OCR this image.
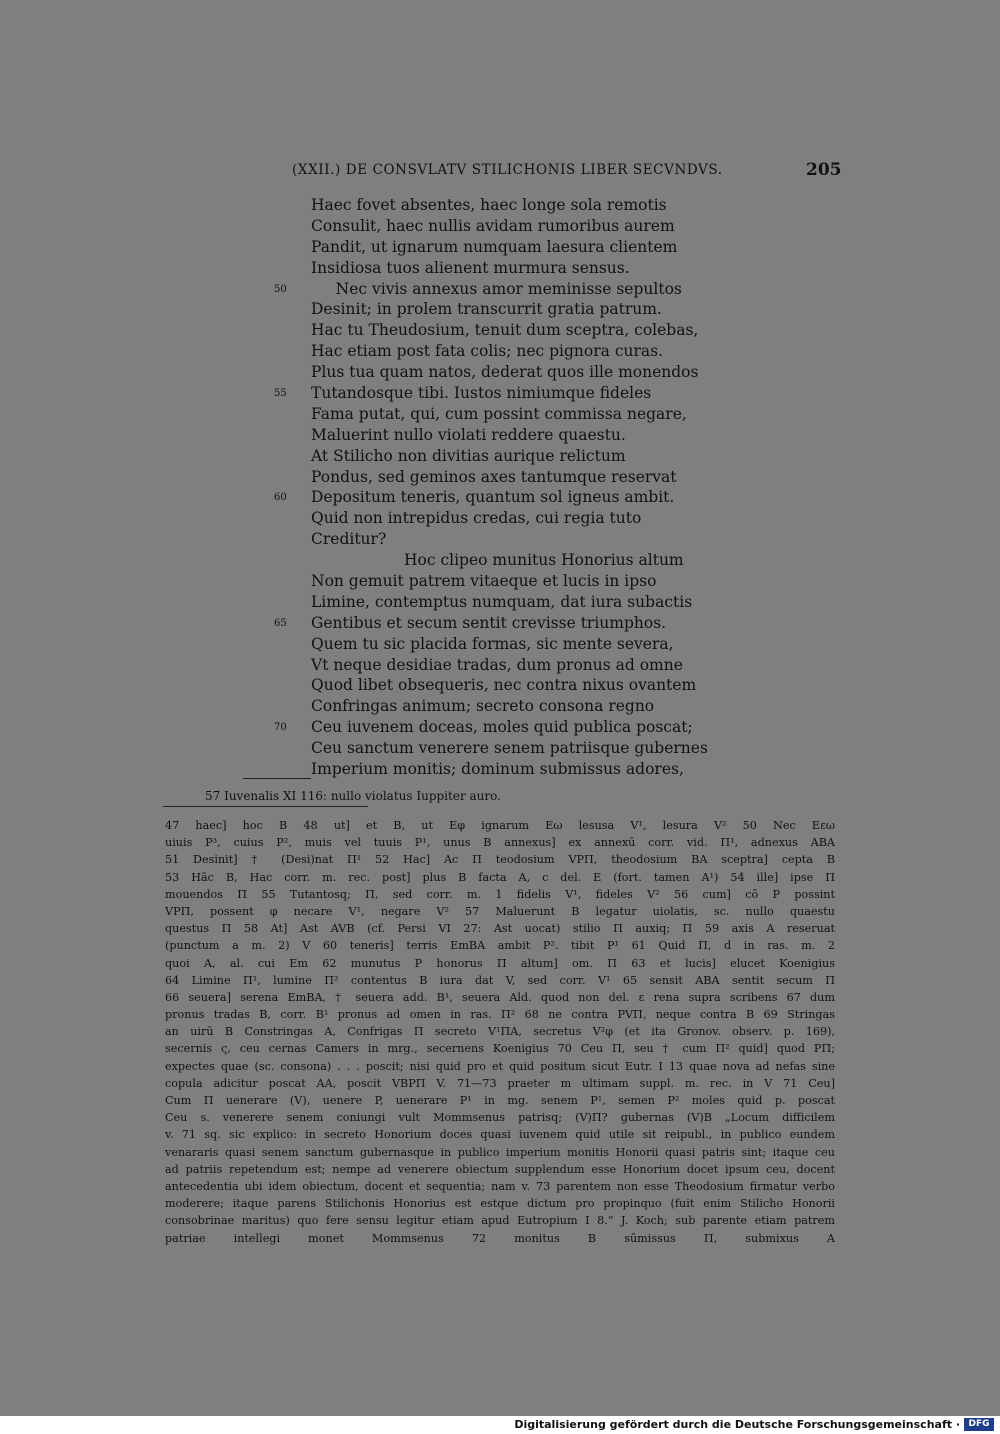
(XXII.) DE CONSVLATV STILICHONIS LIBER SECVNDVS.	205
Haec fovet absentes, haec longe sola remotis
Consulit, haec nullis avidam rumoribus aurem
Pandit, ut ignarum numquam laesura clientem
Insidiosa tuos alienent murmura sensus.
50 Nec vivis annexus amor meminisse sepultos
Desinit; in prolem transcurrit gratia patrum.
Hac tu Theudosium, tenuit dum sceptra, colebas,
Hac etiam post fata colis; nec pignora curas.
Plus tua quam natos, dederat quos ille monendos
55 Tutandosque tibi. Iustos nimiumque fideles
Fama putat, qui, cum possint commissa negare,
Maluerint nullo violati reddere quaestu.
At Stilicho non divitias aurique relictum
Pondus, sed geminos axes tantumque reservat
60 Depositum teneris, quantum sol igneus ambit.
Quid non intrepidus credas, cui regia tuto
Creditur?
Hoc clipeo munitus Honorius altum
Non gemuit patrem vitaeque et lucis in ipso
Limine, contemptus numquam, dat iura subactis
65 Gentibus et secum sentit crevisse triumphos.
Quem tu sic placida formas, sic mente severa,
Vt neque desidiae tradas, dum pronus ad omne
Quod libet obsequeris, nec contra nixus ovantem
Confringas animum; secreto consona regno
70 Ceu iuvenem doceas, moles quid publica poscat;
Ceu sanctum venerere senem patriisque gubernes
Imperium monitis; dominum submissus adores,
57 Iuvenalis XI 116: nullo violatus Iuppiter auro.
47 haec] hoc B 48 ut] et B, ut Eφ ignarum Eω lesusa V¹, lesura V² 50 Nec Eεω
uiuis P³, cuius P², muis vel tuuis P¹, unus B annexus] ex annexū corr. vid. Π¹, adnexus ABA
51 Desinit] † (Desi)nat Π¹ 52 Hac] Ac Π teodosium VPΠ, theodosium BA sceptra] cepta B
53 Hāc B, Hac corr. m. rec. post] plus B facta A, c del. E (fort. tamen A¹) 54 ille] ipse Π
mouendos Π 55 Tutantosq; Π, sed corr. m. 1 fidelis V¹, fideles V² 56 cum] cō P possint
VPΠ, possent φ necare V¹, negare V² 57 Maluerunt B legatur uiolatis, sc. nullo quaestu
questus Π 58 At] Ast AVB (cf. Persi VI 27: Ast uocat) stilio Π auxiq; Π 59 axis A reseruat
(punctum a m. 2) V 60 teneris] terris EmBA ambit P². tibit P¹ 61 Quid Π, d in ras. m. 2
quoi A, al. cui Em 62 munutus P honorus Π altum] om. Π 63 et lucis] elucet Koenigius
64 Limine Π¹, lumine Π² contentus B iura dat V, sed corr. V¹ 65 sensit ABA sentit secum Π
66 seuera] serena EmBA, † seuera add. B¹, seuera Ald. quod non del. ε rena supra scribens 67 dum
pronus tradas B, corr. B¹ pronus ad omen in ras. Π² 68 ne contra PVΠ, neque contra B 69 Stringas
an uirū B Constringas A, Confrigas Π secreto V¹ΠA, secretus V²φ (et ita Gronov. observ. p. 169),
secernis ς, ceu cernas Camers in mrg., secernens Koenigius 70 Ceu Π, seu † cum Π² quid] quod PΠ;
expectes quae (sc. consona) . . . poscit; nisi quid pro et quid positum sicut Eutr. I 13 quae nova ad nefas sine
copula adicitur poscat AA, poscit VBPΠ V. 71—73 praeter m ultimam suppl. m. rec. in V 71 Ceu]
Cum Π uenerare (V), uenere P, uenerare P¹ in mg. senem P¹, semen P² moles quid p. poscat
Ceu s. venerere senem coniungi vult Mommsenus patrisq; (V)Π? gubernas (V)B „Locum difficilem
v. 71 sq. sic explico: in secreto Honorium doces quasi iuvenem quid utile sit reipubl., in publico eundem
venararis quasi senem sanctum gubernasque in publico imperium monitis Honorii quasi patris sint; itaque ceu
ad patriis repetendum est; nempe ad venerere obiectum supplendum esse Honorium docet ipsum ceu, docent
antecedentia ubi idem obiectum, docent et sequentia; nam v. 73 parentem non esse Theodosium firmatur verbo
moderere; itaque parens Stilichonis Honorius est estque dictum pro propinquo (fuit enim Stilicho Honorii
consobrinae maritus) quo fere sensu legitur etiam apud Eutropium I 8.“ J. Koch; sub parente etiam patrem
patriae intellegi monet Mommsenus 72 monitus B sūmissus Π, submixus A
Digitalisierung gefördert durch die Deutsche Forschungsgemeinschaft · DFG
